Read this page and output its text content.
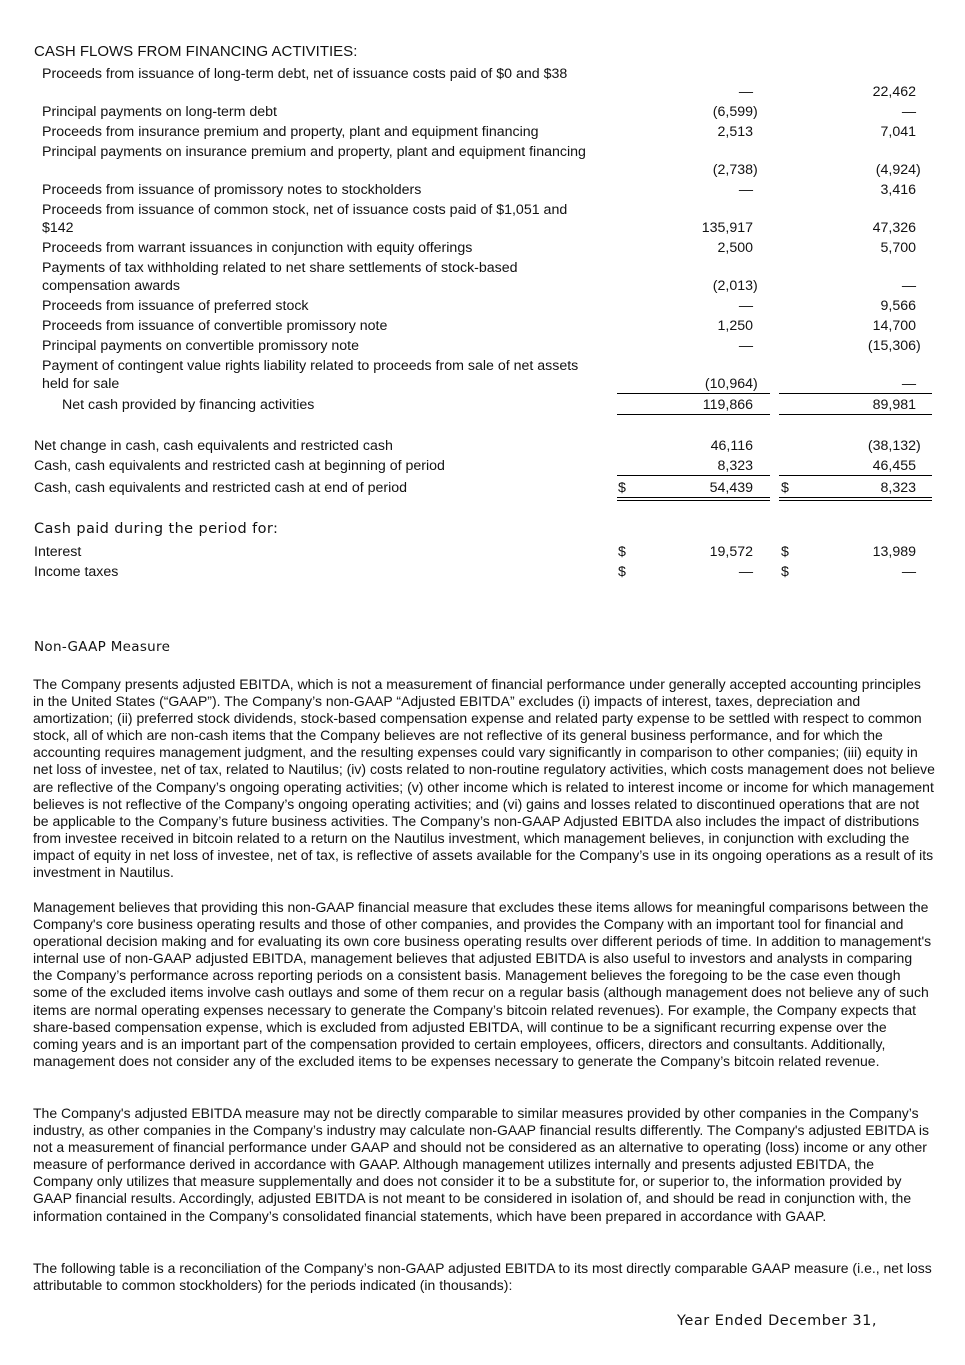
CASH FLOWS FROM FINANCING ACTIVITIES:
Proceeds from issuance of long-term debt, net of issuance costs paid of $0 and $38
—	22,462
Principal payments on long-term debt	(6,599)	—
Proceeds from insurance premium and property, plant and equipment financing	2,513	7,041
Principal payments on insurance premium and property, plant and equipment financing
(2,738)	(4,924)
Proceeds from issuance of promissory notes to stockholders	—	3,416
Proceeds from issuance of common stock, net of issuance costs paid of $1,051 and $142	135,917	47,326
Proceeds from warrant issuances in conjunction with equity offerings	2,500	5,700
Payments of tax withholding related to net share settlements of stock-based compensation awards	(2,013)	—
Proceeds from issuance of preferred stock	—	9,566
Proceeds from issuance of convertible promissory note	1,250	14,700
Principal payments on convertible promissory note	—	(15,306)
Payment of contingent value rights liability related to proceeds from sale of net assets held for sale	(10,964)	—
Net cash provided by financing activities	119,866	89,981
Net change in cash, cash equivalents and restricted cash	46,116	(38,132)
Cash, cash equivalents and restricted cash at beginning of period	8,323	46,455
Cash, cash equivalents and restricted cash at end of period	$	54,439	$	8,323
Cash paid during the period for:
Interest	$	19,572	$	13,989
Income taxes	$	—	$	—
Non-GAAP Measure

The Company presents adjusted EBITDA, which is not a measurement of financial performance under generally accepted accounting principles in the United States (“GAAP”). The Company’s non-GAAP “Adjusted EBITDA” excludes (i) impacts of interest, taxes, depreciation and amortization; (ii) preferred stock dividends, stock-based compensation expense and related party expense to be settled with respect to common stock, all of which are non-cash items that the Company believes are not reflective of its general business performance, and for which the accounting requires management judgment, and the resulting expenses could vary significantly in comparison to other companies; (iii) equity in net loss of investee, net of tax, related to Nautilus; (iv) costs related to non-routine regulatory activities, which costs management does not believe are reflective of the Company’s ongoing operating activities; (v) other income which is related to interest income or income for which management believes is not reflective of the Company’s ongoing operating activities; and (vi) gains and losses related to discontinued operations that are not be applicable to the Company’s future business activities. The Company’s non-GAAP Adjusted EBITDA also includes the impact of distributions from investee received in bitcoin related to a return on the Nautilus investment, which management believes, in conjunction with excluding the impact of equity in net loss of investee, net of tax, is reflective of assets available for the Company’s use in its ongoing operations as a result of its investment in Nautilus.

Management believes that providing this non-GAAP financial measure that excludes these items allows for meaningful comparisons between the Company's core business operating results and those of other companies, and provides the Company with an important tool for financial and operational decision making and for evaluating its own core business operating results over different periods of time. In addition to management's internal use of non-GAAP adjusted EBITDA, management believes that adjusted EBITDA is also useful to investors and analysts in comparing the Company’s performance across reporting periods on a consistent basis. Management believes the foregoing to be the case even though some of the excluded items involve cash outlays and some of them recur on a regular basis (although management does not believe any of such items are normal operating expenses necessary to generate the Company’s bitcoin related revenues). For example, the Company expects that share-based compensation expense, which is excluded from adjusted EBITDA, will continue to be a significant recurring expense over the coming years and is an important part of the compensation provided to certain employees, officers, directors and consultants. Additionally, management does not consider any of the excluded items to be expenses necessary to generate the Company’s bitcoin related revenue.

The Company's adjusted EBITDA measure may not be directly comparable to similar measures provided by other companies in the Company’s industry, as other companies in the Company’s industry may calculate non-GAAP financial results differently. The Company's adjusted EBITDA is not a measurement of financial performance under GAAP and should not be considered as an alternative to operating (loss) income or any other measure of performance derived in accordance with GAAP. Although management utilizes internally and presents adjusted EBITDA, the Company only utilizes that measure supplementally and does not consider it to be a substitute for, or superior to, the information provided by GAAP financial results. Accordingly, adjusted EBITDA is not meant to be considered in isolation of, and should be read in conjunction with, the information contained in the Company’s consolidated financial statements, which have been prepared in accordance with GAAP.

The following table is a reconciliation of the Company’s non-GAAP adjusted EBITDA to its most directly comparable GAAP measure (i.e., net loss attributable to common stockholders) for the periods indicated (in thousands):

Year Ended December 31,
